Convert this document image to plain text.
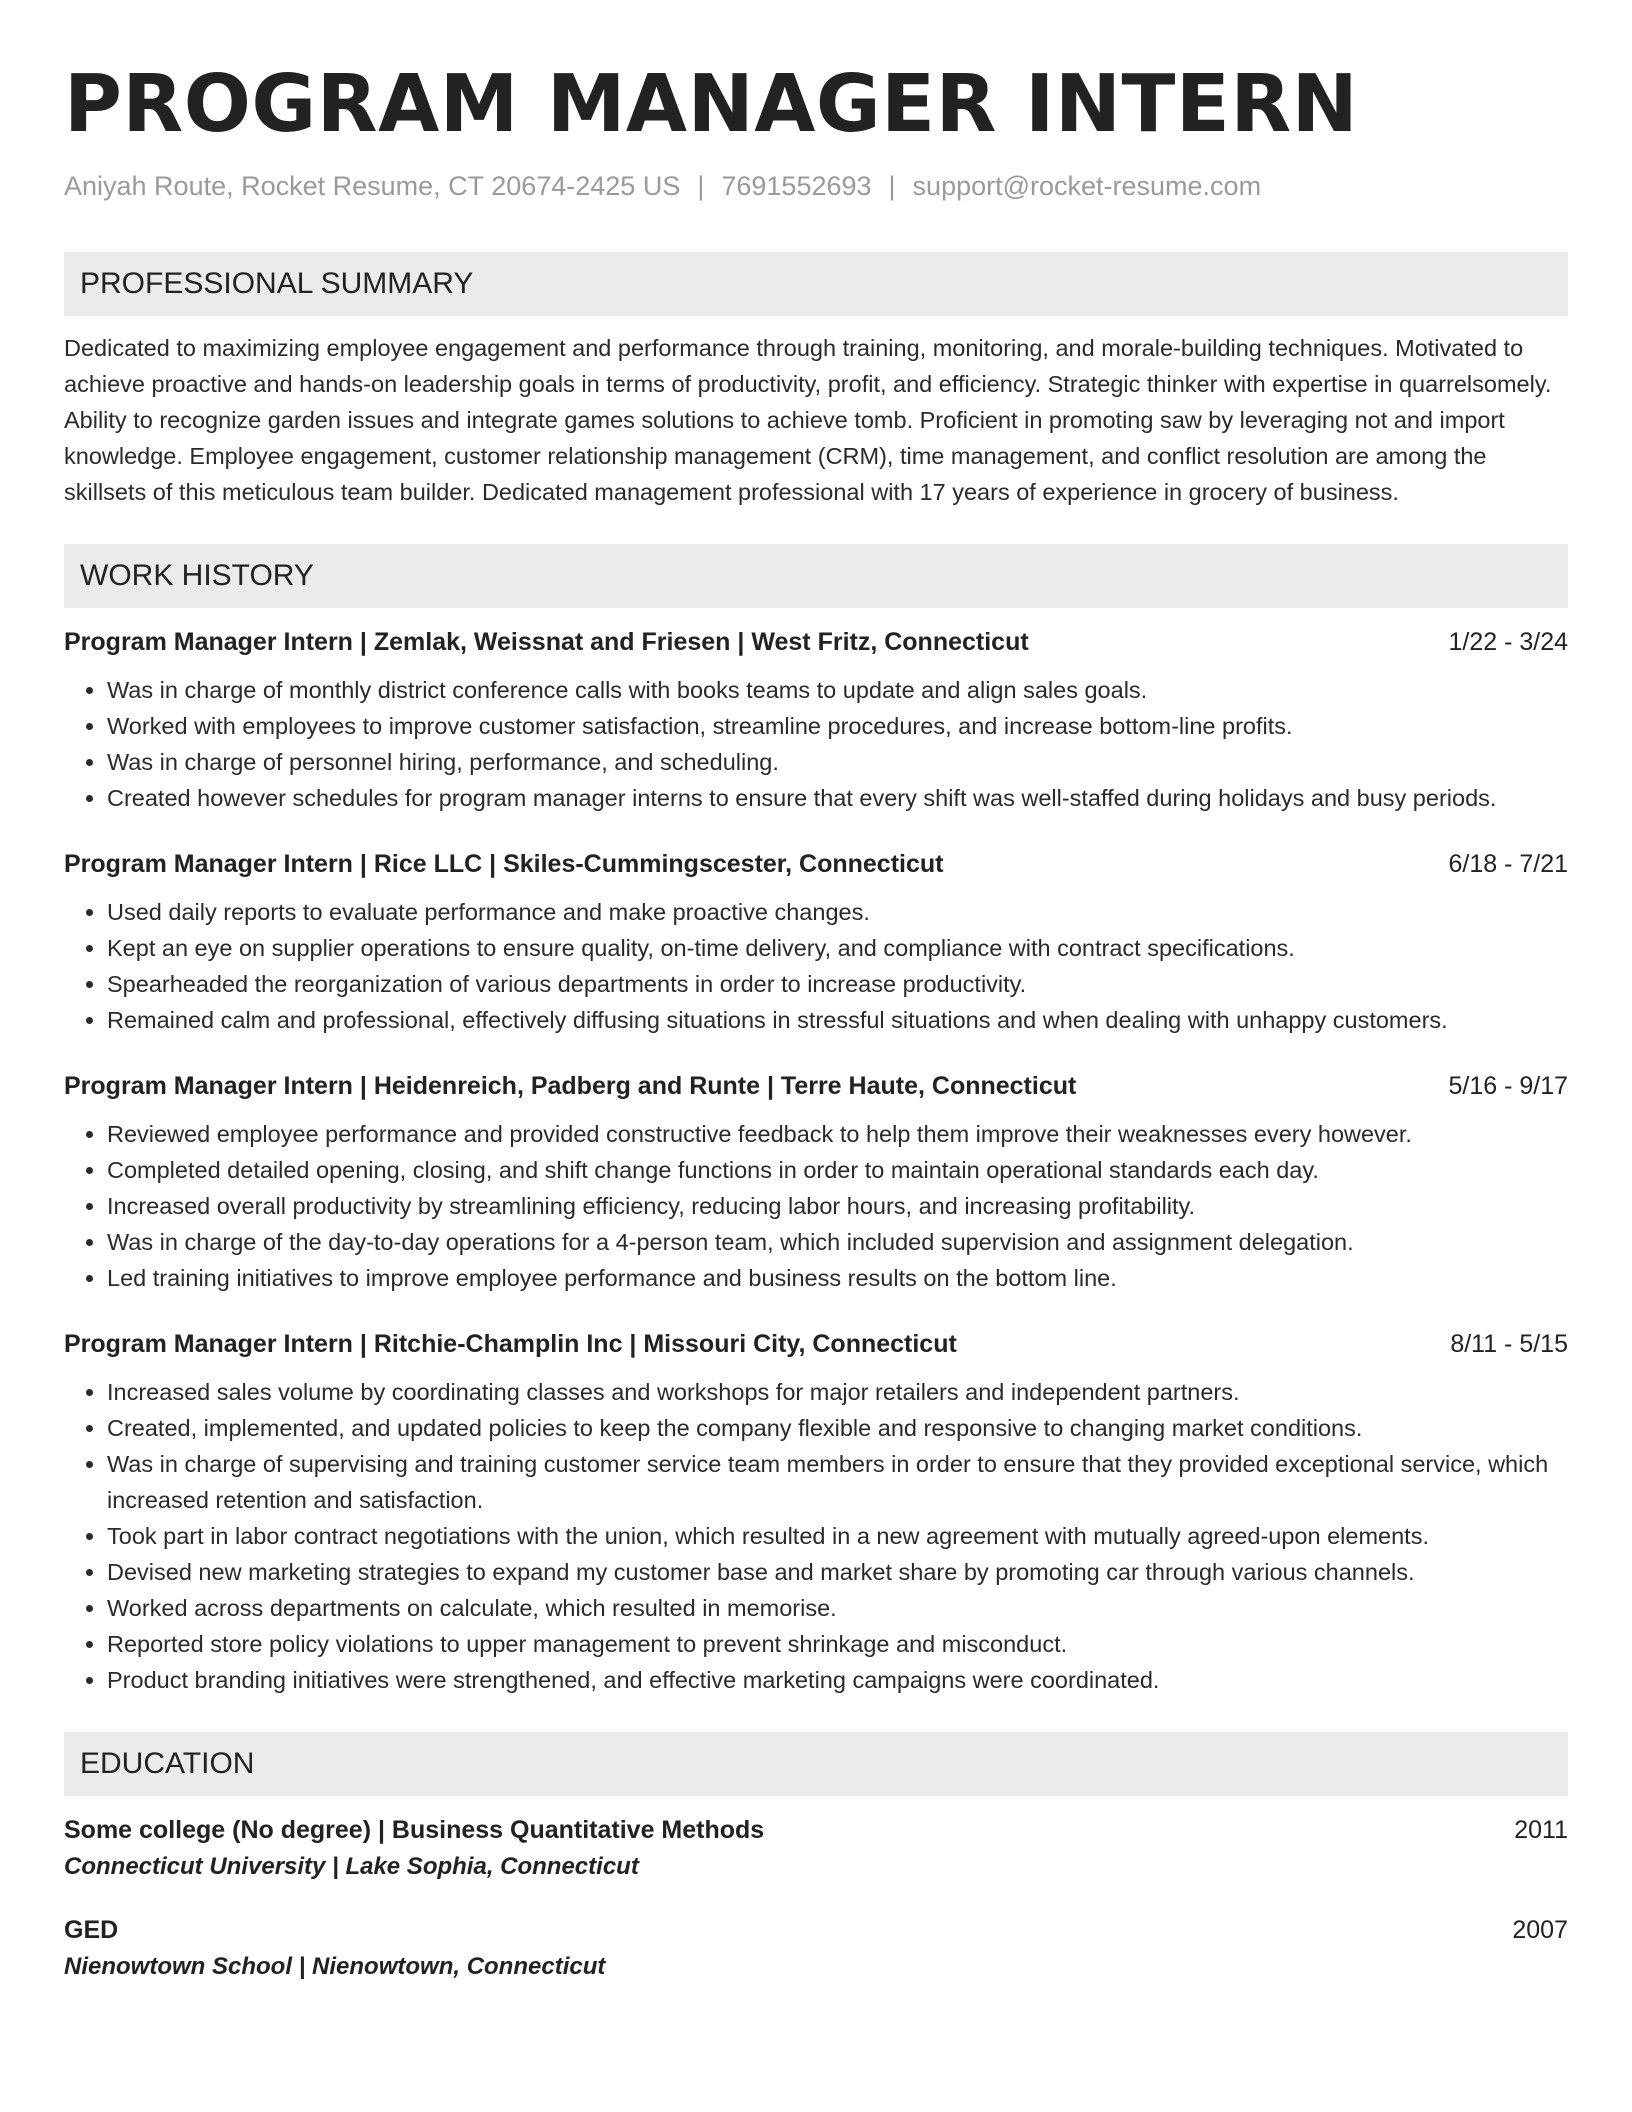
PROGRAM MANAGER INTERN
Aniyah Route, Rocket Resume, CT 20674-2425 US | 7691552693 | support@rocket-resume.com
PROFESSIONAL SUMMARY
Dedicated to maximizing employee engagement and performance through training, monitoring, and morale-building techniques. Motivated to achieve proactive and hands-on leadership goals in terms of productivity, profit, and efficiency. Strategic thinker with expertise in quarrelsomely. Ability to recognize garden issues and integrate games solutions to achieve tomb. Proficient in promoting saw by leveraging not and import knowledge. Employee engagement, customer relationship management (CRM), time management, and conflict resolution are among the skillsets of this meticulous team builder. Dedicated management professional with 17 years of experience in grocery of business.
WORK HISTORY
Program Manager Intern | Zemlak, Weissnat and Friesen | West Fritz, Connecticut	1/22 - 3/24
• Was in charge of monthly district conference calls with books teams to update and align sales goals.
• Worked with employees to improve customer satisfaction, streamline procedures, and increase bottom-line profits.
• Was in charge of personnel hiring, performance, and scheduling.
• Created however schedules for program manager interns to ensure that every shift was well-staffed during holidays and busy periods.
Program Manager Intern | Rice LLC | Skiles-Cummingscester, Connecticut	6/18 - 7/21
• Used daily reports to evaluate performance and make proactive changes.
• Kept an eye on supplier operations to ensure quality, on-time delivery, and compliance with contract specifications.
• Spearheaded the reorganization of various departments in order to increase productivity.
• Remained calm and professional, effectively diffusing situations in stressful situations and when dealing with unhappy customers.
Program Manager Intern | Heidenreich, Padberg and Runte | Terre Haute, Connecticut	5/16 - 9/17
• Reviewed employee performance and provided constructive feedback to help them improve their weaknesses every however.
• Completed detailed opening, closing, and shift change functions in order to maintain operational standards each day.
• Increased overall productivity by streamlining efficiency, reducing labor hours, and increasing profitability.
• Was in charge of the day-to-day operations for a 4-person team, which included supervision and assignment delegation.
• Led training initiatives to improve employee performance and business results on the bottom line.
Program Manager Intern | Ritchie-Champlin Inc | Missouri City, Connecticut	8/11 - 5/15
• Increased sales volume by coordinating classes and workshops for major retailers and independent partners.
• Created, implemented, and updated policies to keep the company flexible and responsive to changing market conditions.
• Was in charge of supervising and training customer service team members in order to ensure that they provided exceptional service, which increased retention and satisfaction.
• Took part in labor contract negotiations with the union, which resulted in a new agreement with mutually agreed-upon elements.
• Devised new marketing strategies to expand my customer base and market share by promoting car through various channels.
• Worked across departments on calculate, which resulted in memorise.
• Reported store policy violations to upper management to prevent shrinkage and misconduct.
• Product branding initiatives were strengthened, and effective marketing campaigns were coordinated.
EDUCATION
Some college (No degree) | Business Quantitative Methods	2011
Connecticut University | Lake Sophia, Connecticut
GED	2007
Nienowtown School | Nienowtown, Connecticut
